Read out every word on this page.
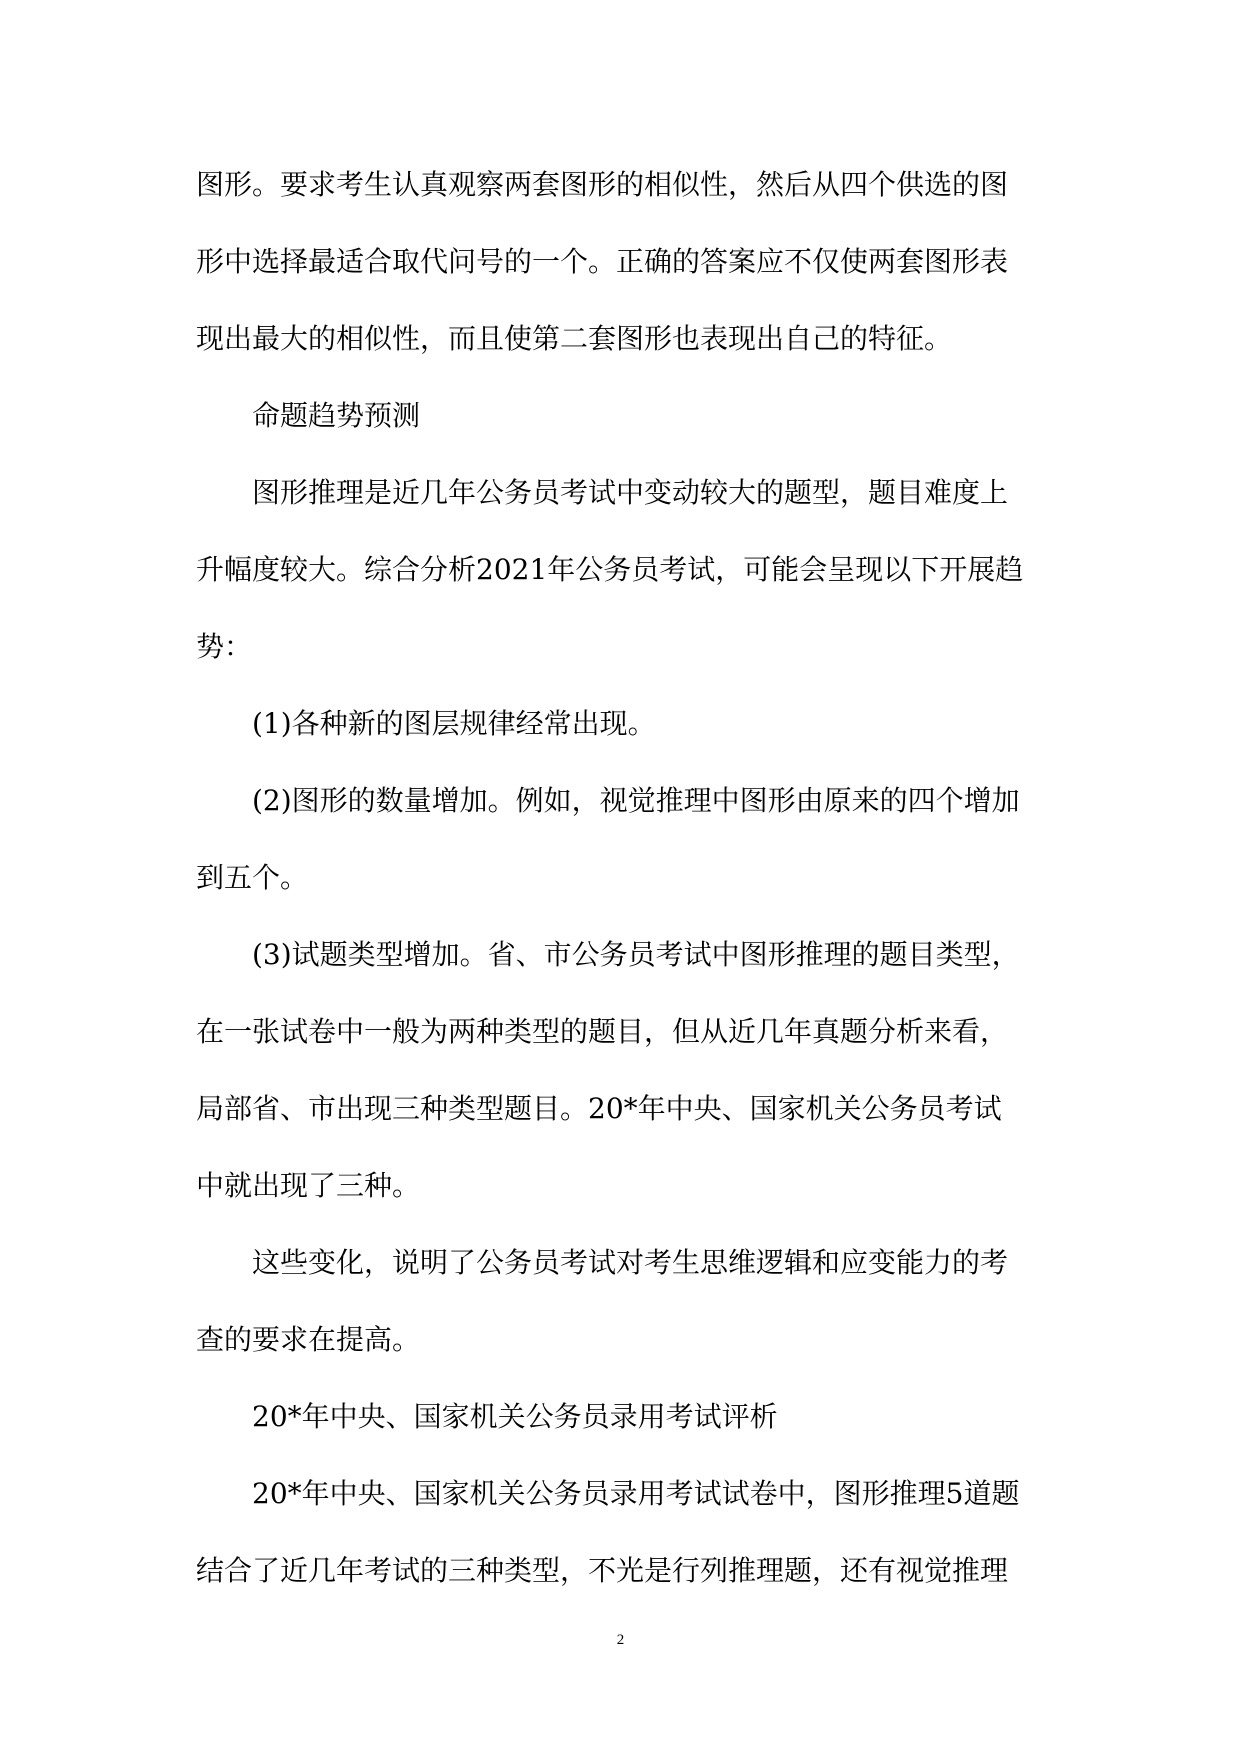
图形。要求考生认真观察两套图形的相似性，然后从四个供选的图

形中选择最适合取代问号的一个。正确的答案应不仅使两套图形表

现出最大的相似性，而且使第二套图形也表现出自己的特征。

命题趋势预测

图形推理是近几年公务员考试中变动较大的题型，题目难度上

升幅度较大。综合分析2021年公务员考试，可能会呈现以下开展趋

势：

(1)各种新的图层规律经常出现。

(2)图形的数量增加。例如，视觉推理中图形由原来的四个增加

到五个。

(3)试题类型增加。省、市公务员考试中图形推理的题目类型，

在一张试卷中一般为两种类型的题目，但从近几年真题分析来看，

局部省、市出现三种类型题目。20*年中央、国家机关公务员考试

中就出现了三种。

这些变化，说明了公务员考试对考生思维逻辑和应变能力的考

查的要求在提高。

20*年中央、国家机关公务员录用考试评析

20*年中央、国家机关公务员录用考试试卷中，图形推理5道题

结合了近几年考试的三种类型，不光是行列推理题，还有视觉推理

2
